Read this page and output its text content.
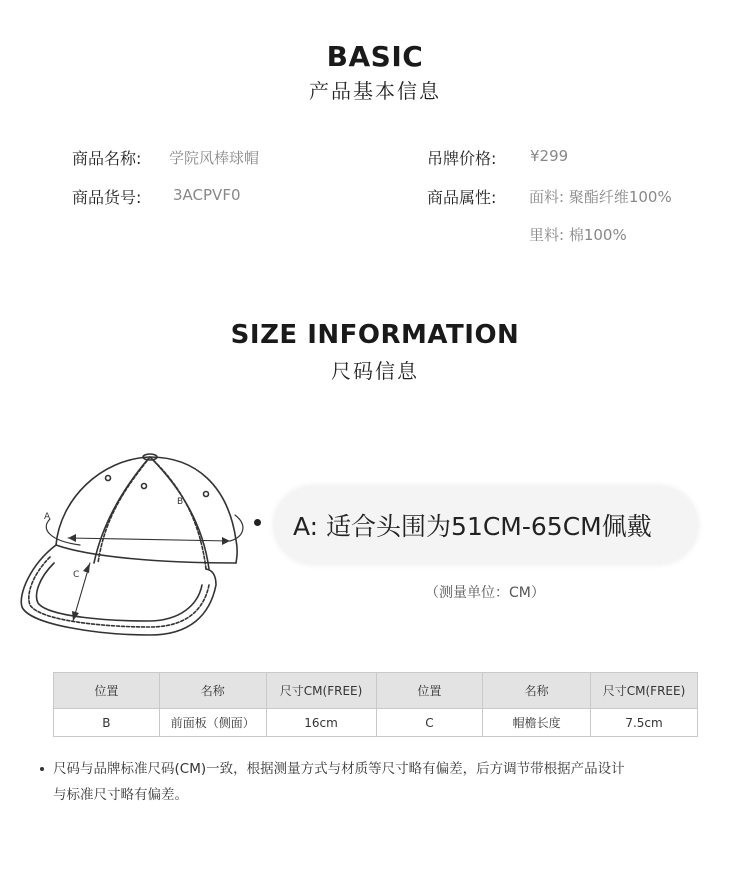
BASIC
产品基本信息
商品名称: 学院风棒球帽
商品货号: 3ACPVF0
吊牌价格: ¥299
商品属性: 面料: 聚酯纤维100%
里料: 棉100%
SIZE INFORMATION
尺码信息
A
B
C
A: 适合头围为51CM-65CM佩戴
（测量单位：CM）
位置	名称	尺寸CM(FREE)	位置	名称	尺寸CM(FREE)
B	前面板（侧面）	16cm	C	帽檐长度	7.5cm
尺码与品牌标准尺码(CM)一致，根据测量方式与材质等尺寸略有偏差，后方调节带根据产品设计
与标准尺寸略有偏差。
